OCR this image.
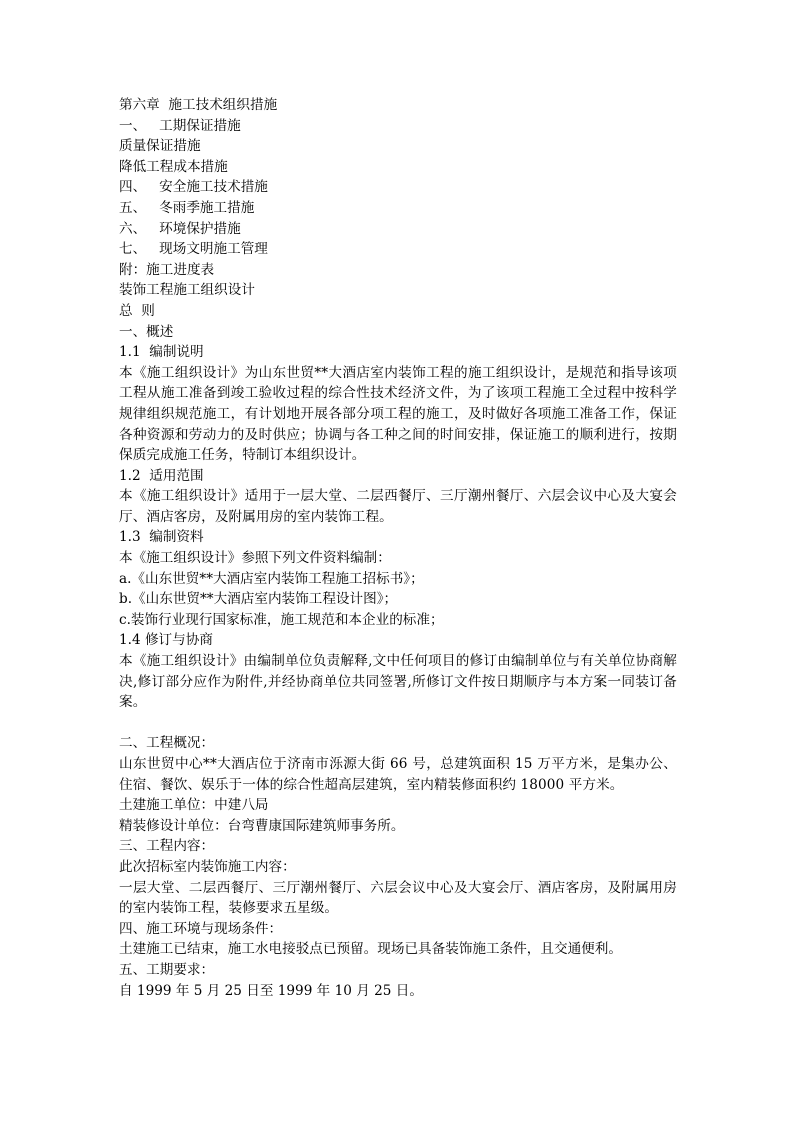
第六章  施工技术组织措施
一、   工期保证措施
质量保证措施
降低工程成本措施
四、   安全施工技术措施
五、   冬雨季施工措施
六、   环境保护措施
七、   现场文明施工管理
附：施工进度表
装饰工程施工组织设计
总  则
一、概述
1.1  编制说明
本《施工组织设计》为山东世贸**大酒店室内装饰工程的施工组织设计，是规范和指导该项工程从施工准备到竣工验收过程的综合性技术经济文件，为了该项工程施工全过程中按科学规律组织规范施工，有计划地开展各部分项工程的施工，及时做好各项施工准备工作，保证各种资源和劳动力的及时供应；协调与各工种之间的时间安排，保证施工的顺利进行，按期保质完成施工任务，特制订本组织设计。
1.2  适用范围
本《施工组织设计》适用于一层大堂、二层西餐厅、三厅潮州餐厅、六层会议中心及大宴会厅、酒店客房，及附属用房的室内装饰工程。
1.3  编制资料
本《施工组织设计》参照下列文件资料编制：
a.《山东世贸**大酒店室内装饰工程施工招标书》；
b.《山东世贸**大酒店室内装饰工程设计图》；
c.装饰行业现行国家标准，施工规范和本企业的标准；
1.4 修订与协商
本《施工组织设计》由编制单位负责解释,文中任何项目的修订由编制单位与有关单位协商解决,修订部分应作为附件,并经协商单位共同签署,所修订文件按日期顺序与本方案一同装订备案。
二、工程概况：
山东世贸中心**大酒店位于济南市泺源大街 66 号，总建筑面积 15 万平方米，是集办公、住宿、餐饮、娱乐于一体的综合性超高层建筑，室内精装修面积约 18000 平方米。
土建施工单位：中建八局
精装修设计单位：台弯曹康国际建筑师事务所。
三、工程内容：
此次招标室内装饰施工内容：
一层大堂、二层西餐厅、三厅潮州餐厅、六层会议中心及大宴会厅、酒店客房，及附属用房的室内装饰工程，装修要求五星级。
四、施工环境与现场条件：
土建施工已结束，施工水电接驳点已预留。现场已具备装饰施工条件，且交通便利。
五、工期要求：
自 1999 年 5 月 25 日至 1999 年 10 月 25 日。
